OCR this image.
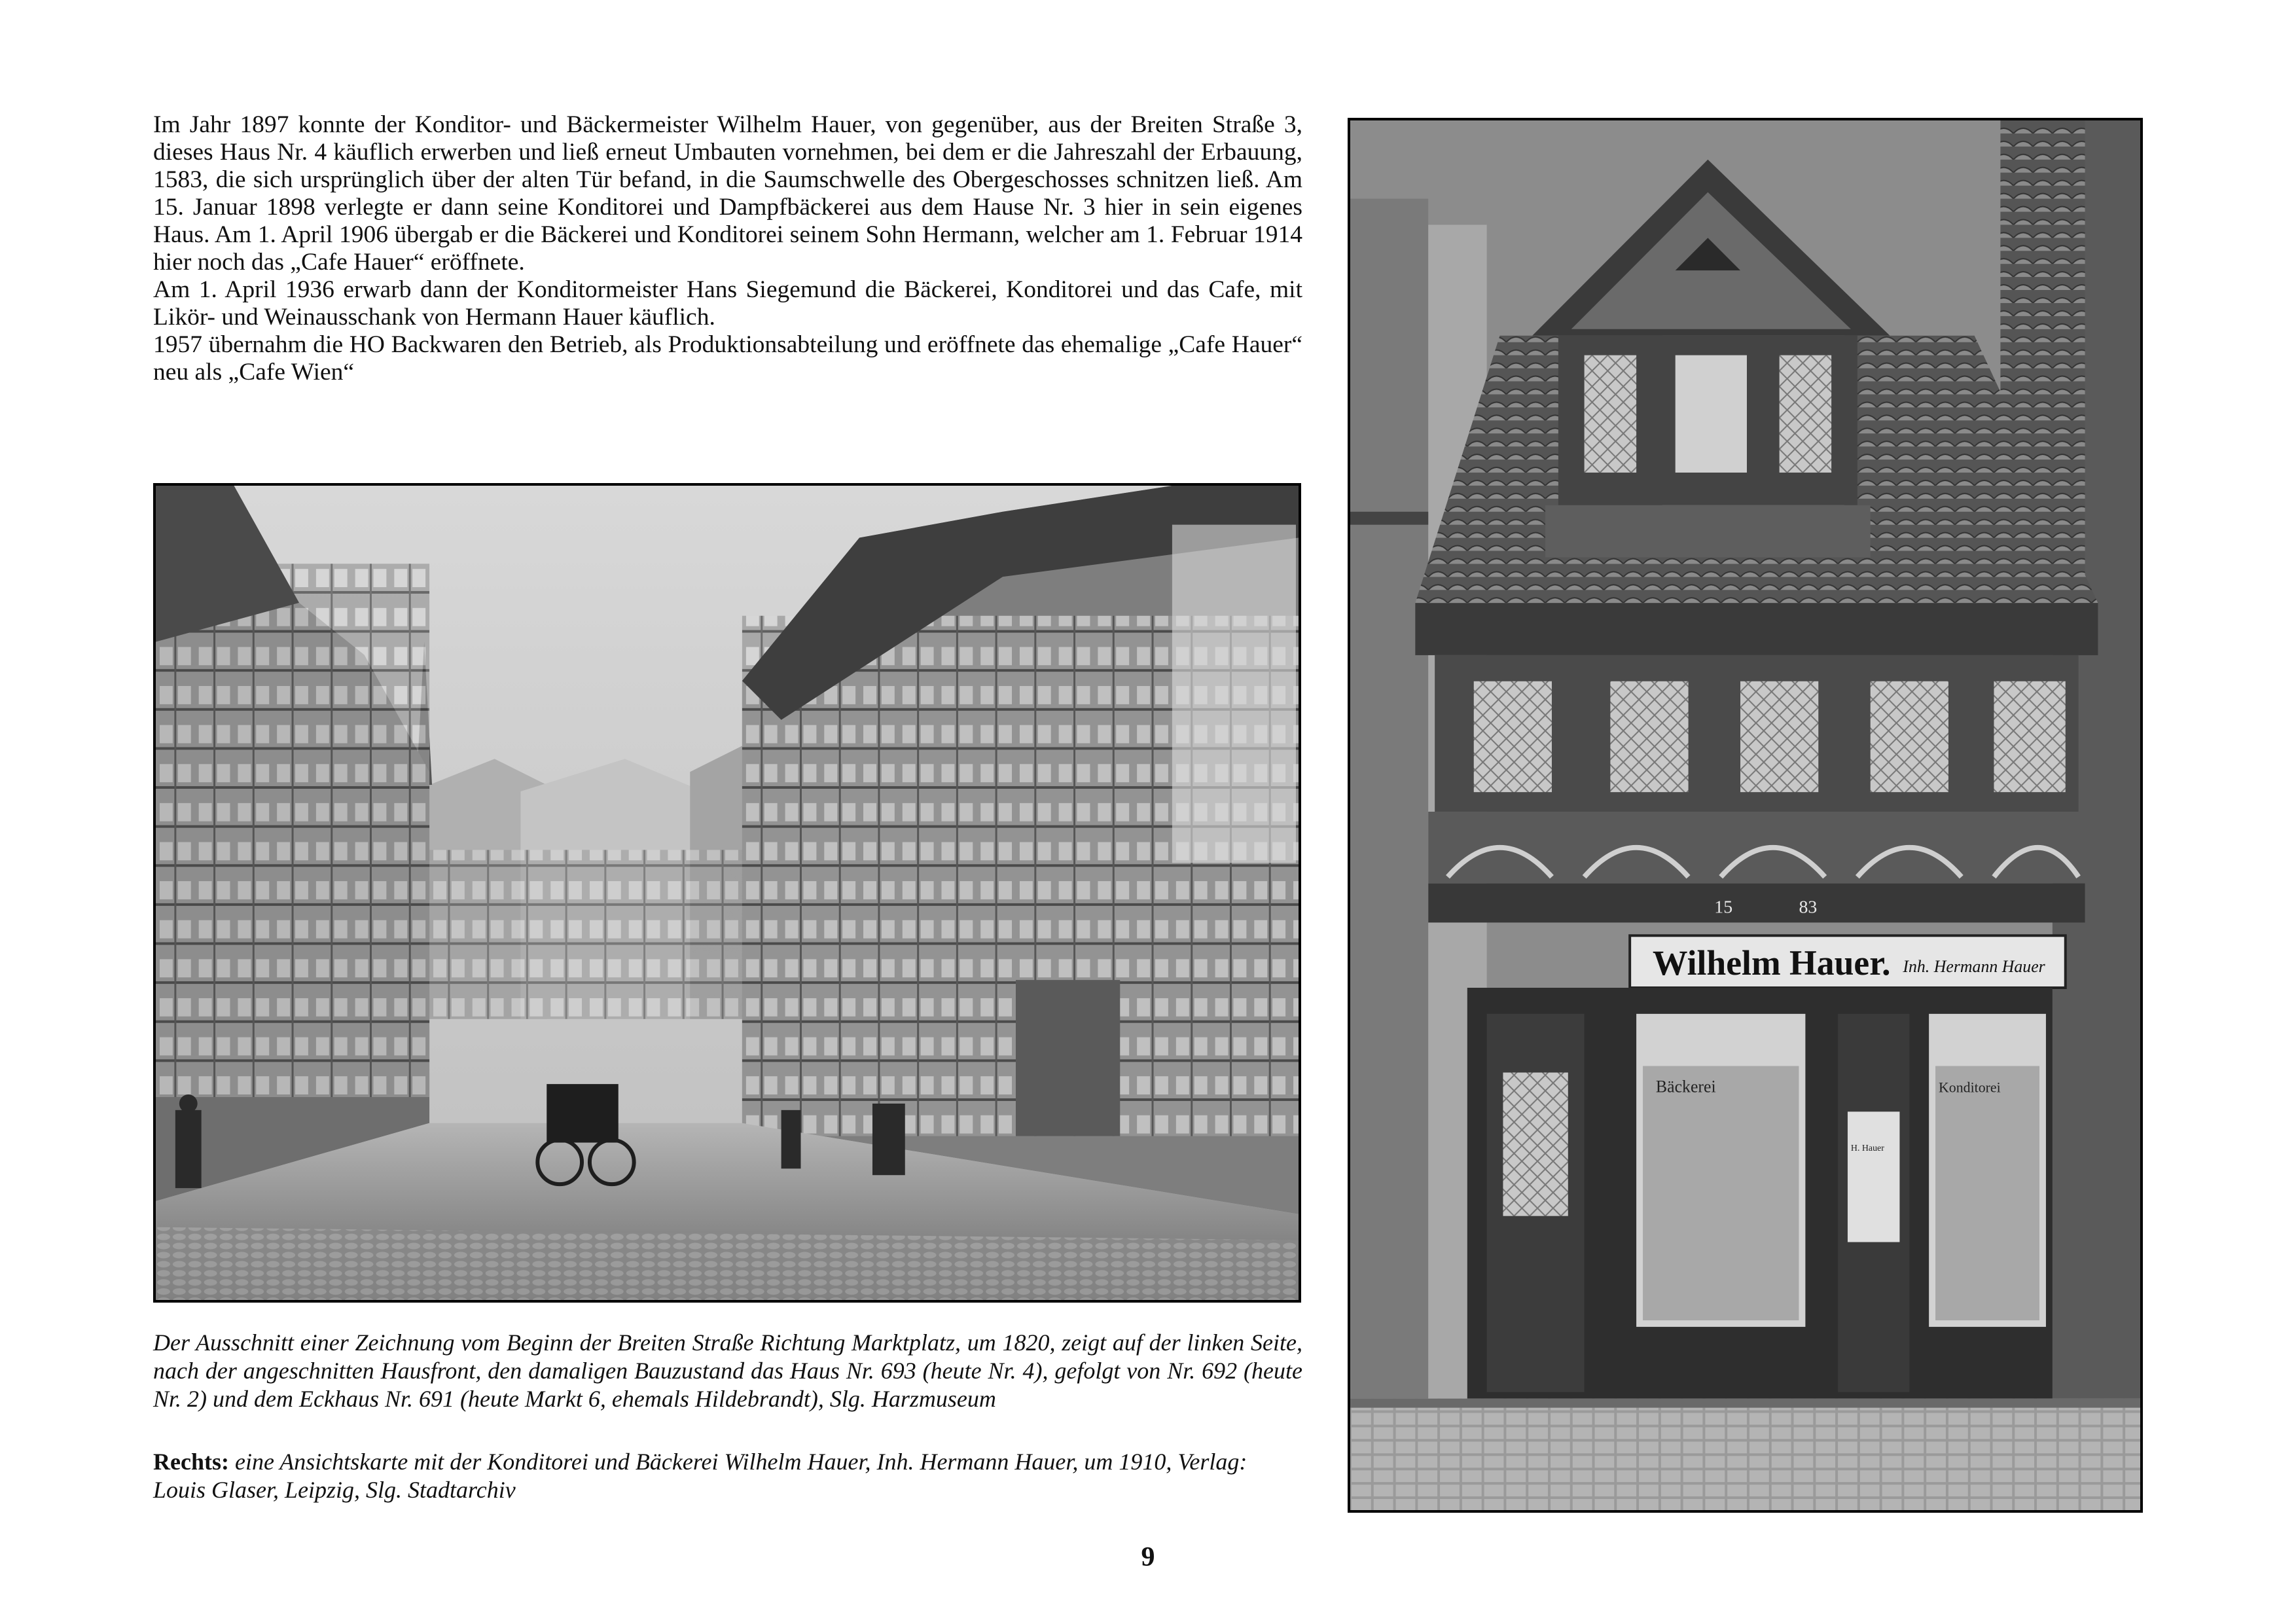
Im Jahr 1897 konnte der Konditor- und Bäckermeister Wilhelm Hauer, von gegenüber, aus der Breiten Straße 3, dieses Haus Nr. 4 käuflich erwerben und ließ erneut Umbauten vornehmen, bei dem er die Jahreszahl der Erbauung, 1583, die sich ursprünglich über der alten Tür befand, in die Saumschwelle des Obergeschosses schnitzen ließ. Am 15. Januar 1898 verlegte er dann seine Konditorei und Dampfbäckerei aus dem Hause Nr. 3 hier in sein eigenes Haus. Am 1. April 1906 übergab er die Bäckerei und Konditorei seinem Sohn Hermann, welcher am 1. Februar 1914 hier noch das „Cafe Hauer“ eröffnete.

Am 1. April 1936 erwarb dann der Konditormeister Hans Siegemund die Bäckerei, Konditorei und das Cafe, mit Likör- und Weinausschank von Hermann Hauer käuflich.

1957 übernahm die HO Backwaren den Betrieb, als Produktionsabteilung und eröffnete das ehemalige „Cafe Hauer“ neu als „Cafe Wien“

Der Ausschnitt einer Zeichnung vom Beginn der Breiten Straße Richtung Marktplatz, um 1820, zeigt auf der linken Seite, nach der angeschnitten Hausfront, den damaligen Bauzustand das Haus Nr. 693 (heute Nr. 4), gefolgt von Nr. 692 (heute Nr. 2) und dem Eckhaus Nr. 691 (heute Markt 6, ehemals Hildebrandt), Slg. Harzmuseum

Rechts: eine Ansichtskarte mit der Konditorei und Bäckerei Wilhelm Hauer, Inh. Hermann Hauer, um 1910, Verlag: Louis Glaser, Leipzig, Slg. Stadtarchiv

15	83
Wilhelm Hauer. Inh. Hermann Hauer
Bäckerei
H. Hauer
Konditorei
9
